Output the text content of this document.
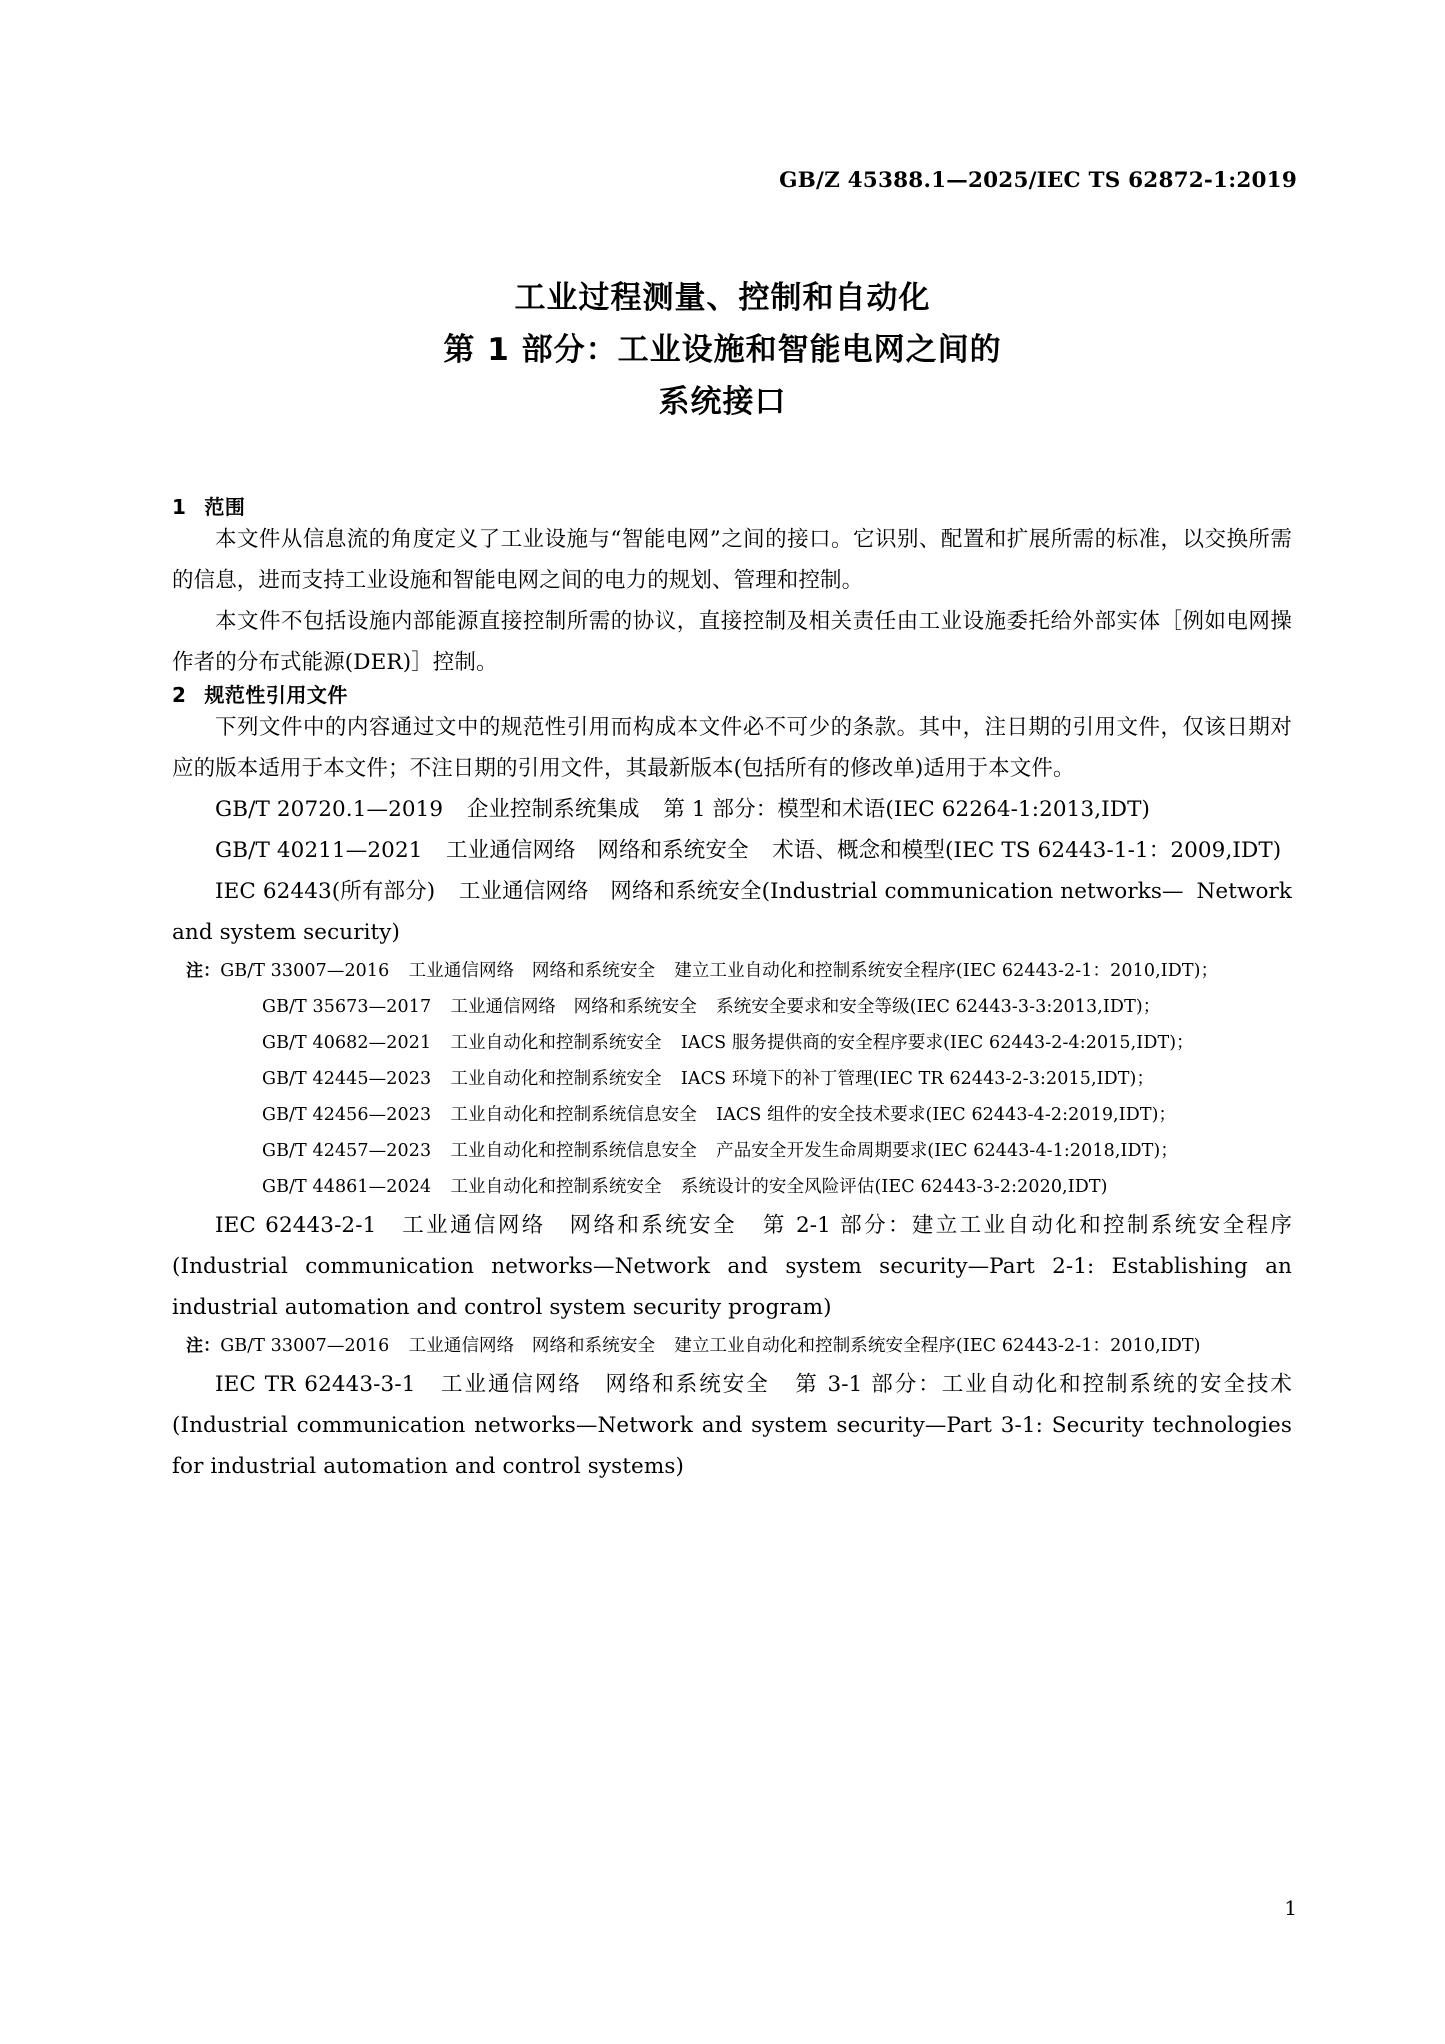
GB/Z 45388.1—2025/IEC TS 62872-1:2019
工业过程测量、控制和自动化
第 1 部分：工业设施和智能电网之间的
系统接口
1 范围

本文件从信息流的角度定义了工业设施与“智能电网”之间的接口。它识别、配置和扩展所需的标准，以交换所需的信息，进而支持工业设施和智能电网之间的电力的规划、管理和控制。

本文件不包括设施内部能源直接控制所需的协议，直接控制及相关责任由工业设施委托给外部实体［例如电网操作者的分布式能源(DER)］控制。

2 规范性引用文件

下列文件中的内容通过文中的规范性引用而构成本文件必不可少的条款。其中，注日期的引用文件，仅该日期对应的版本适用于本文件；不注日期的引用文件，其最新版本(包括所有的修改单)适用于本文件。

GB/T 20720.1—2019 企业控制系统集成 第 1 部分：模型和术语(IEC 62264-1:2013,IDT)

GB/T 40211—2021 工业通信网络　网络和系统安全 术语、概念和模型(IEC TS 62443-1-1：2009,IDT)

IEC 62443(所有部分) 工业通信网络　网络和系统安全(Industrial communication networks— Network and system security)

注：GB/T 33007—2016 工业通信网络　网络和系统安全 建立工业自动化和控制系统安全程序(IEC 62443-2-1：2010,IDT)；

GB/T 35673—2017 工业通信网络　网络和系统安全 系统安全要求和安全等级(IEC 62443-3-3:2013,IDT)；

GB/T 40682—2021 工业自动化和控制系统安全 IACS 服务提供商的安全程序要求(IEC 62443-2-4:2015,IDT)；

GB/T 42445—2023 工业自动化和控制系统安全 IACS 环境下的补丁管理(IEC TR 62443-2-3:2015,IDT)；

GB/T 42456—2023 工业自动化和控制系统信息安全 IACS 组件的安全技术要求(IEC 62443-4-2:2019,IDT)；

GB/T 42457—2023 工业自动化和控制系统信息安全 产品安全开发生命周期要求(IEC 62443-4-1:2018,IDT)；

GB/T 44861—2024 工业自动化和控制系统安全 系统设计的安全风险评估(IEC 62443-3-2:2020,IDT)

IEC 62443-2-1 工业通信网络　网络和系统安全 第 2-1 部分：建立工业自动化和控制系统安全程序(Industrial communication networks—Network and system security—Part 2-1: Establishing an industrial automation and control system security program)

注：GB/T 33007—2016 工业通信网络　网络和系统安全 建立工业自动化和控制系统安全程序(IEC 62443-2-1：2010,IDT)

IEC TR 62443-3-1 工业通信网络　网络和系统安全 第 3-1 部分：工业自动化和控制系统的安全技术(Industrial communication networks—Network and system security—Part 3-1: Security technologies for industrial automation and control systems)

1
